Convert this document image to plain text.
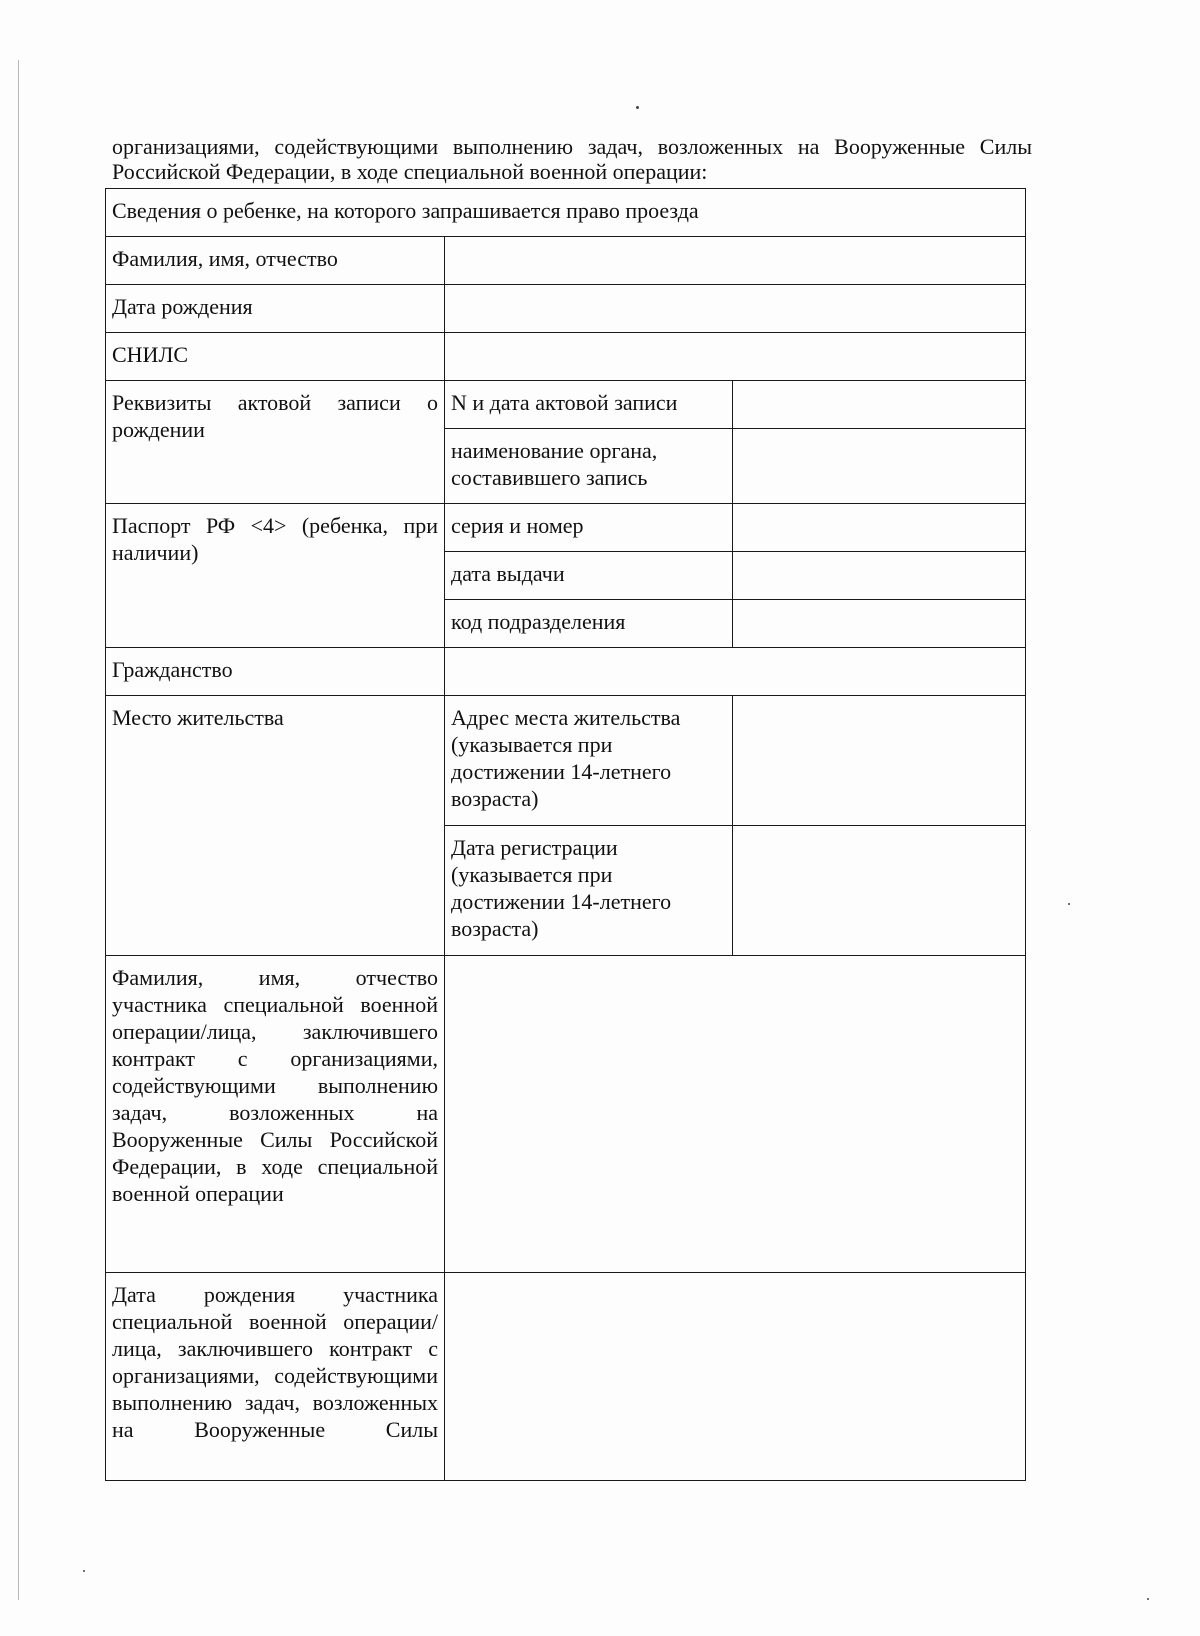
организациями, содействующими выполнению задач, возложенных на Вооруженные Силы Российской Федерации, в ходе специальной военной операции:
Сведения о ребенке, на которого запрашивается право проезда		
Фамилия, имя, отчество		
Дата рождения		
СНИЛС		
Реквизиты актовой записи о рождении	N и дата актовой записи	
	наименование органа, составившего запись	
Паспорт РФ <4> (ребенка, при наличии)	серия и номер	
	дата выдачи	
	код подразделения	
Гражданство		
Место жительства	Адрес места жительства (указывается при достижении 14-летнего возраста)	
	Дата регистрации (указывается при достижении 14-летнего возраста)	
Фамилия, имя, отчество участника специальной военной операции/лица, заключившего контракт с организациями, содействующими выполнению задач, возложенных на Вооруженные Силы Российской Федерации, в ходе специальной военной операции		
Дата рождения участника специальной военной операции/лица, заключившего контракт с организациями, содействующими выполнению задач, возложенных на Вооруженные Силы		
